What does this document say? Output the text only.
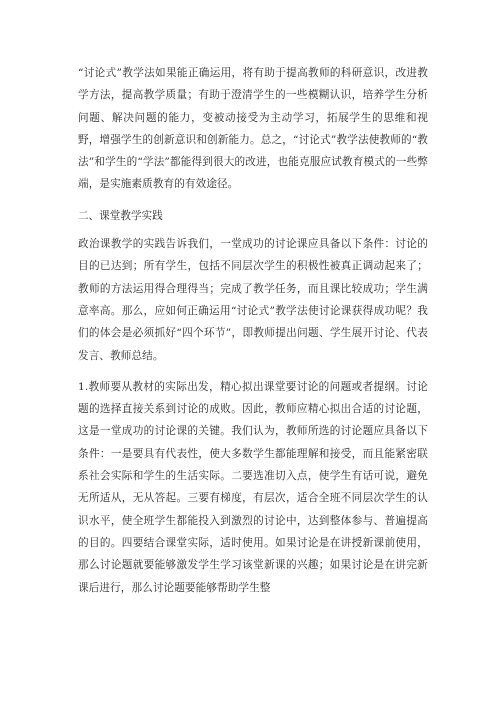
“讨论式”教学法如果能正确运用，将有助于提高教师的科研意识，改进教学方法，提高教学质量；有助于澄清学生的一些模糊认识，培养学生分析问题、解决问题的能力，变被动接受为主动学习，拓展学生的思维和视野，增强学生的创新意识和创新能力。总之，“讨论式”教学法使教师的“教法”和学生的“学法”都能得到很大的改进，也能克服应试教育模式的一些弊端，是实施素质教育的有效途径。

二、课堂教学实践

政治课教学的实践告诉我们，一堂成功的讨论课应具备以下条件：讨论的目的已达到；所有学生，包括不同层次学生的积极性被真正调动起来了；教师的方法运用得合理得当；完成了教学任务，而且课比较成功；学生满意率高。那么，应如何正确运用“讨论式”教学法使讨论课获得成功呢？我们的体会是必须抓好“四个环节”，即教师提出问题、学生展开讨论、代表发言、教师总结。

1.教师要从教材的实际出发，精心拟出课堂要讨论的问题或者提纲。讨论题的选择直接关系到讨论的成败。因此，教师应精心拟出合适的讨论题，这是一堂成功的讨论课的关键。我们认为，教师所选的讨论题应具备以下条件：一是要具有代表性，使大多数学生都能理解和接受，而且能紧密联系社会实际和学生的生活实际。二要选准切入点，使学生有话可说，避免无所适从，无从答起。三要有梯度，有层次，适合全班不同层次学生的认识水平，使全班学生都能投入到激烈的讨论中，达到整体参与、普遍提高的目的。四要结合课堂实际，适时使用。如果讨论是在讲授新课前使用，那么讨论题就要能够激发学生学习该堂新课的兴趣；如果讨论是在讲完新课后进行，那么讨论题要能够帮助学生整
